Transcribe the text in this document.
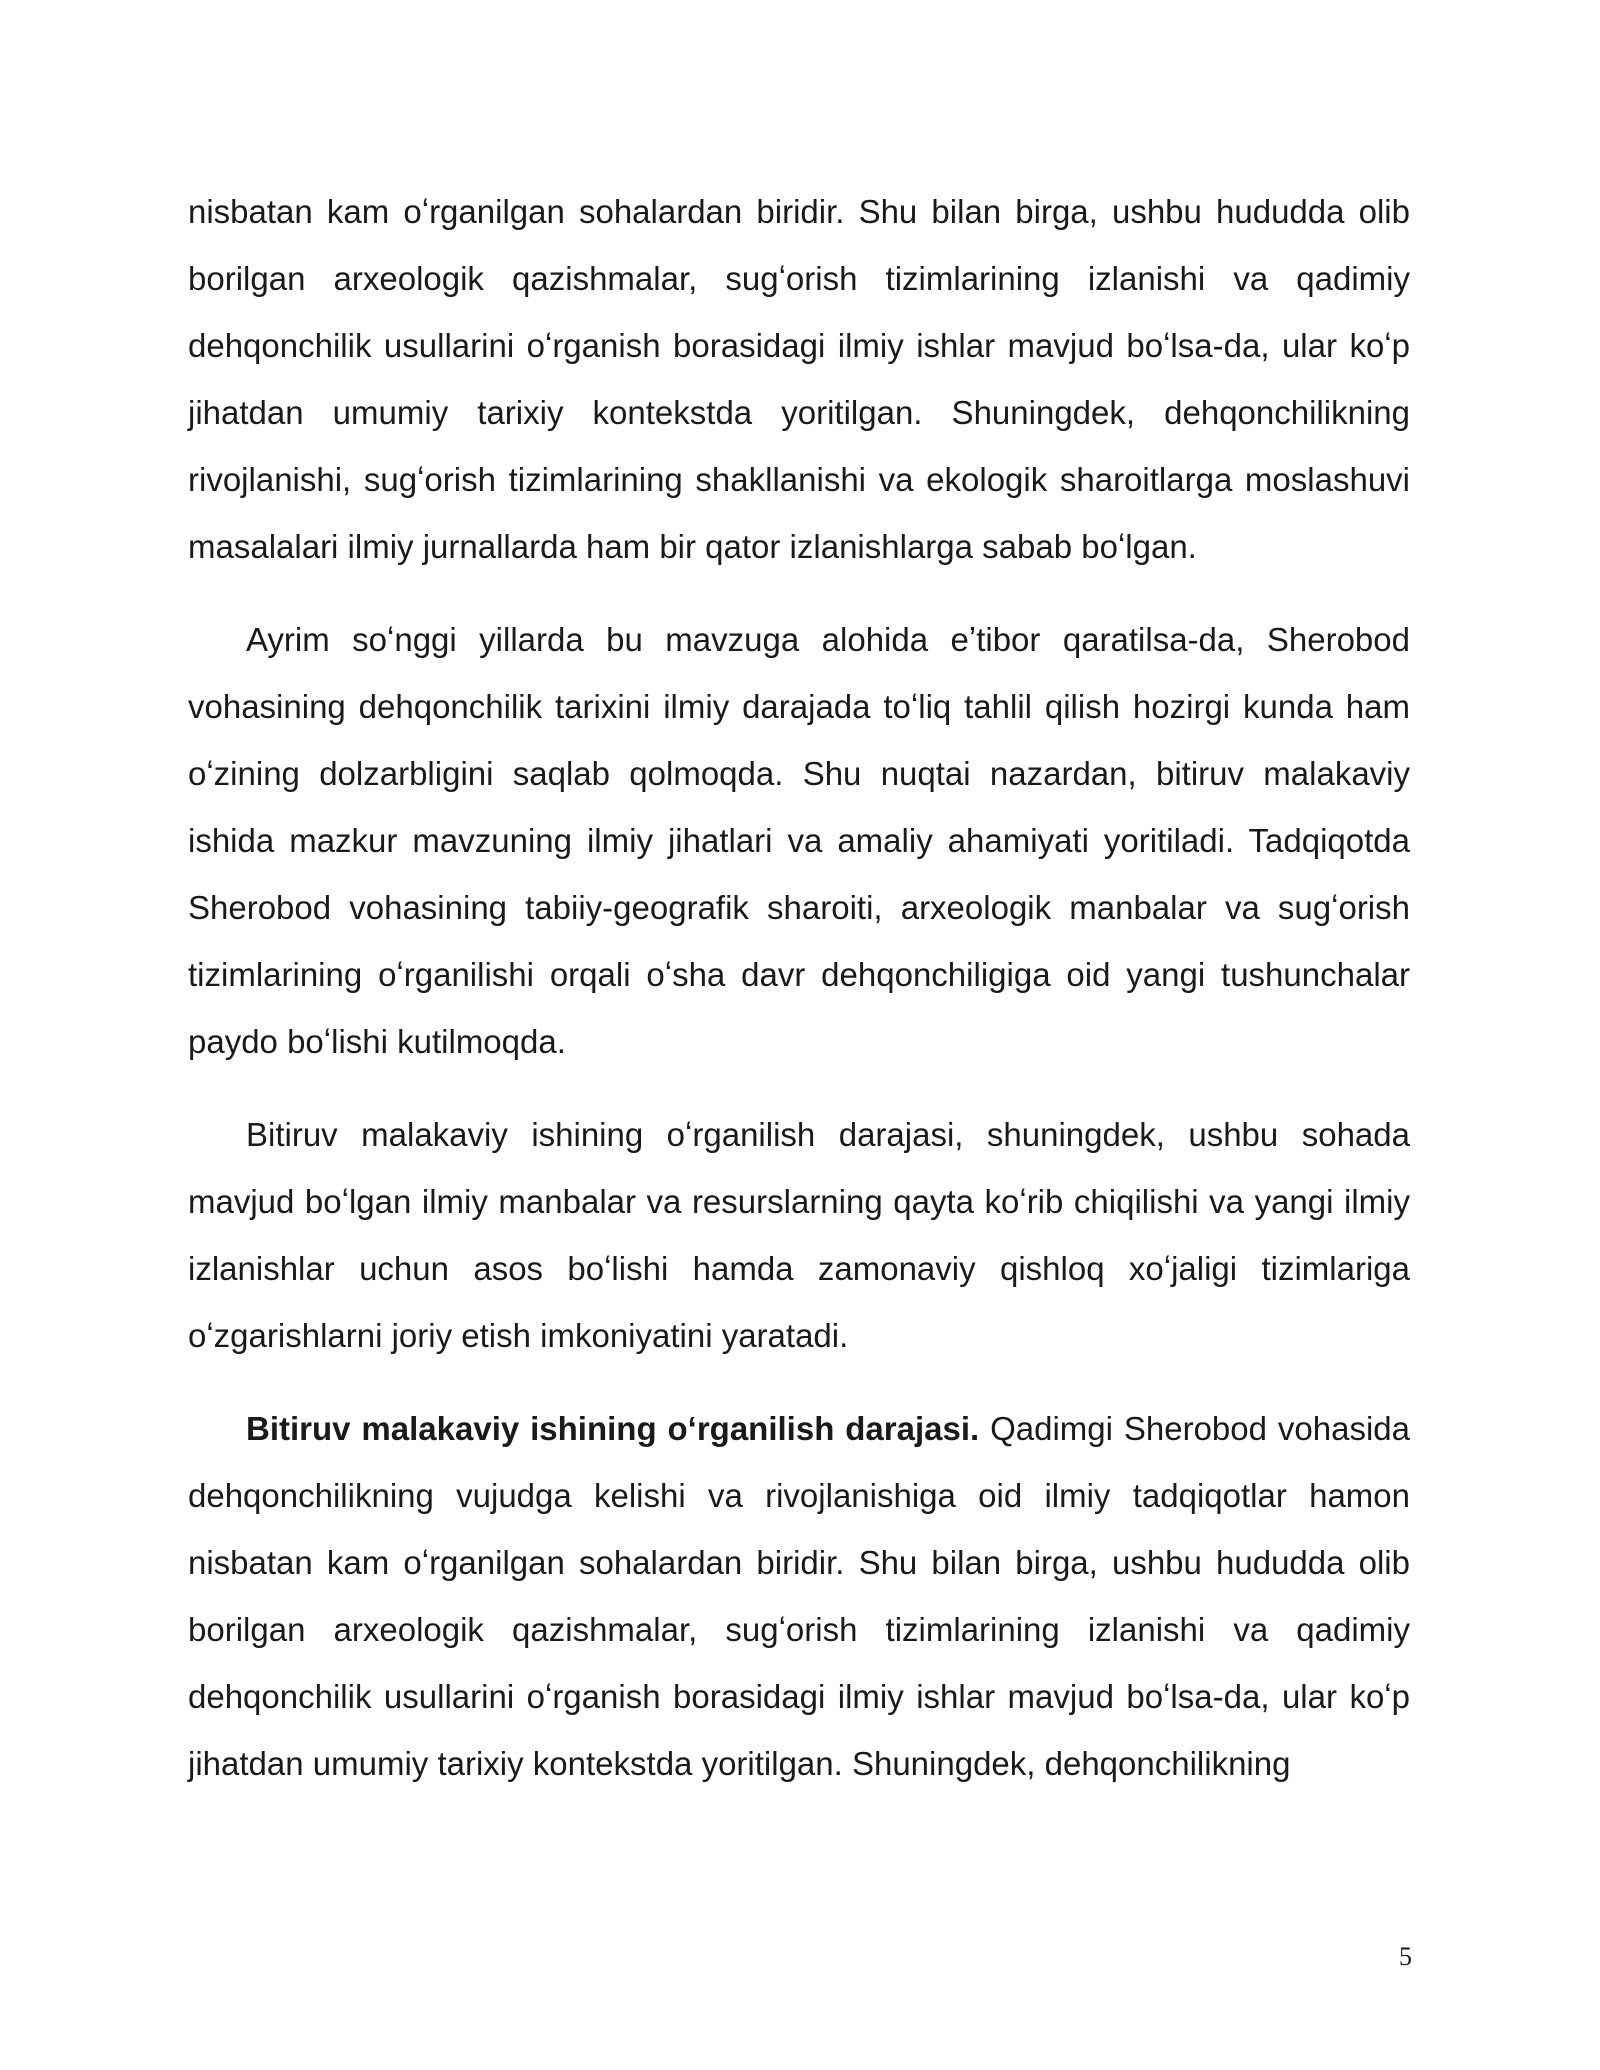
nisbatan kam oʻrganilgan sohalardan biridir. Shu bilan birga, ushbu hududda olib borilgan arxeologik qazishmalar, sugʻorish tizimlarining izlanishi va qadimiy dehqonchilik usullarini oʻrganish borasidagi ilmiy ishlar mavjud boʻlsa-da, ular koʻp jihatdan umumiy tarixiy kontekstda yoritilgan. Shuningdek, dehqonchilikning rivojlanishi, sugʻorish tizimlarining shakllanishi va ekologik sharoitlarga moslashuvi masalalari ilmiy jurnallarda ham bir qator izlanishlarga sabab boʻlgan.

Ayrim soʻnggi yillarda bu mavzuga alohida eʼtibor qaratilsa-da, Sherobod vohasining dehqonchilik tarixini ilmiy darajada toʻliq tahlil qilish hozirgi kunda ham oʻzining dolzarbligini saqlab qolmoqda. Shu nuqtai nazardan, bitiruv malakaviy ishida mazkur mavzuning ilmiy jihatlari va amaliy ahamiyati yoritiladi. Tadqiqotda Sherobod vohasining tabiiy-geografik sharoiti, arxeologik manbalar va sugʻorish tizimlarining oʻrganilishi orqali oʻsha davr dehqonchiligiga oid yangi tushunchalar paydo boʻlishi kutilmoqda.

Bitiruv malakaviy ishining oʻrganilish darajasi, shuningdek, ushbu sohada mavjud boʻlgan ilmiy manbalar va resurslarning qayta koʻrib chiqilishi va yangi ilmiy izlanishlar uchun asos boʻlishi hamda zamonaviy qishloq xoʻjaligi tizimlariga oʻzgarishlarni joriy etish imkoniyatini yaratadi.

Bitiruv malakaviy ishining oʻrganilish darajasi. Qadimgi Sherobod vohasida dehqonchilikning vujudga kelishi va rivojlanishiga oid ilmiy tadqiqotlar hamon nisbatan kam oʻrganilgan sohalardan biridir. Shu bilan birga, ushbu hududda olib borilgan arxeologik qazishmalar, sugʻorish tizimlarining izlanishi va qadimiy dehqonchilik usullarini oʻrganish borasidagi ilmiy ishlar mavjud boʻlsa-da, ular koʻp jihatdan umumiy tarixiy kontekstda yoritilgan. Shuningdek, dehqonchilikning

5
